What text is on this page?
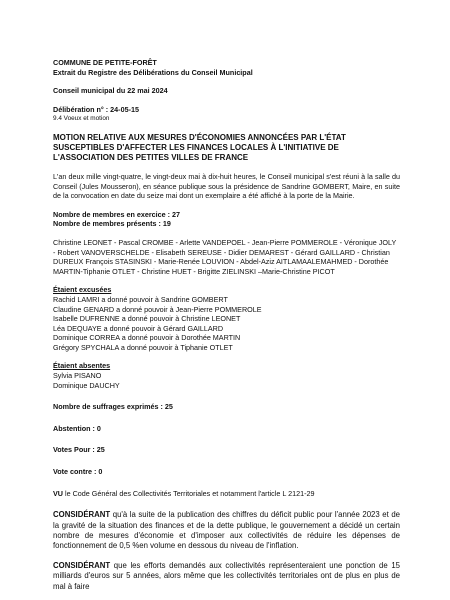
COMMUNE DE PETITE-FORÊT

Extrait du Registre des Délibérations du Conseil Municipal

Conseil municipal du 22 mai 2024

Délibération n° : 24-05-15

9.4 Voeux et motion

MOTION RELATIVE AUX MESURES D'ÉCONOMIES ANNONCÉES PAR L'ÉTAT SUSCEPTIBLES D'AFFECTER LES FINANCES LOCALES À L'INITIATIVE DE L'ASSOCIATION DES PETITES VILLES DE FRANCE

L'an deux mille vingt-quatre, le vingt-deux mai à dix-huit heures, le Conseil municipal s'est réuni à la salle du Conseil (Jules Mousseron), en séance publique sous la présidence de Sandrine GOMBERT, Maire, en suite de la convocation en date du seize mai dont un exemplaire a été affiché à la porte de la Mairie.

Nombre de membres en exercice : 27

Nombre de membres présents : 19

Christine LEONET - Pascal CROMBE - Arlette VANDEPOEL - Jean-Pierre POMMEROLE - Véronique JOLY - Robert VANOVERSCHELDE - Elisabeth SEREUSE - Didier DEMAREST - Gérard GAILLARD - Christian DUREUX François STASINSKI - Marie-Renée LOUVION - Abdel-Aziz AITLAMAALEMAHMED - Dorothée MARTIN-Tiphanie OTLET - Christine HUET - Brigitte ZIELINSKI –Marie-Christine PICOT

Étaient excusées

Rachid LAMRI a donné pouvoir à Sandrine GOMBERT

Claudine GENARD a donné pouvoir à Jean-Pierre POMMEROLE

Isabelle DUFRENNE a donné pouvoir à Christine LEONET

Léa DEQUAYE a donné pouvoir à Gérard GAILLARD

Dominique CORREA a donné pouvoir à Dorothée MARTIN

Grégory SPYCHALA a donné pouvoir à Tiphanie OTLET

Étaient absentes

Sylvia PISANO

Dominique DAUCHY

Nombre de suffrages exprimés : 25

Abstention : 0

Votes Pour : 25

Vote contre : 0

VU le Code Général des Collectivités Territoriales et notamment l'article L 2121-29

CONSIDÉRANT qu'à la suite de la publication des chiffres du déficit public pour l'année 2023 et de la gravité de la situation des finances et de la dette publique, le gouvernement a décidé un certain nombre de mesures d'économie et d'imposer aux collectivités de réduire les dépenses de fonctionnement de 0,5 %en volume en dessous du niveau de l'inflation.

CONSIDÉRANT que les efforts demandés aux collectivités représenteraient une ponction de 15 milliards d'euros sur 5 années, alors même que les collectivités territoriales ont de plus en plus de mal à faire
